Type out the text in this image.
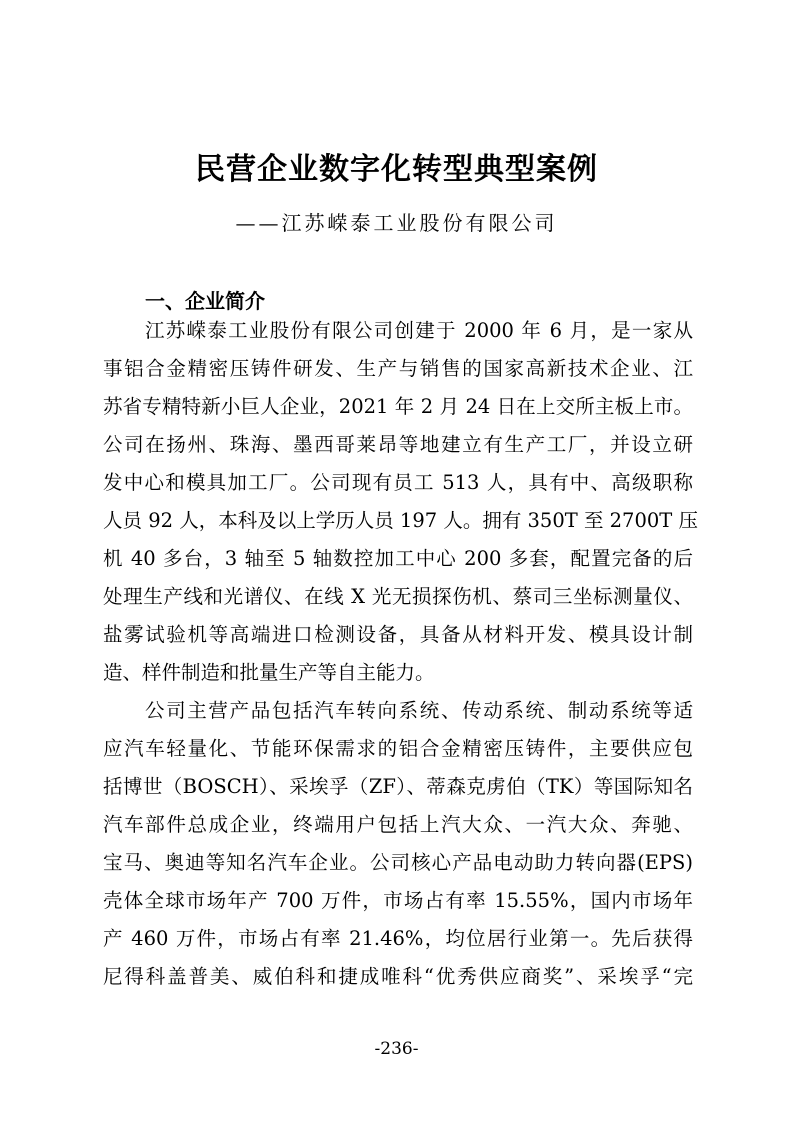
民营企业数字化转型典型案例
——江苏嵘泰工业股份有限公司
一、企业简介
江苏嵘泰工业股份有限公司创建于 2000 年 6 月，是一家从
事铝合金精密压铸件研发、生产与销售的国家高新技术企业、江
苏省专精特新小巨人企业，2021 年 2 月 24 日在上交所主板上市。
公司在扬州、珠海、墨西哥莱昂等地建立有生产工厂，并设立研
发中心和模具加工厂。公司现有员工 513 人，具有中、高级职称
人员 92 人，本科及以上学历人员 197 人。拥有 350T 至 2700T 压
机 40 多台，3 轴至 5 轴数控加工中心 200 多套，配置完备的后
处理生产线和光谱仪、在线 X 光无损探伤机、蔡司三坐标测量仪、
盐雾试验机等高端进口检测设备，具备从材料开发、模具设计制
造、样件制造和批量生产等自主能力。
公司主营产品包括汽车转向系统、传动系统、制动系统等适
应汽车轻量化、节能环保需求的铝合金精密压铸件，主要供应包
括博世（BOSCH）、采埃孚（ZF）、蒂森克虏伯（TK）等国际知名
汽车部件总成企业，终端用户包括上汽大众、一汽大众、奔驰、
宝马、奥迪等知名汽车企业。公司核心产品电动助力转向器(EPS)
壳体全球市场年产 700 万件，市场占有率 15.55%，国内市场年
产 460 万件，市场占有率 21.46%，均位居行业第一。先后获得
尼得科盖普美、威伯科和捷成唯科“优秀供应商奖”、采埃孚“完
-236-
